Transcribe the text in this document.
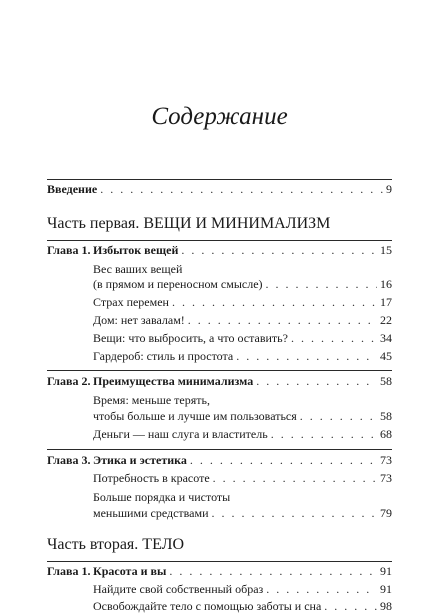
Содержание
Введение . . .	9
Часть первая. ВЕЩИ И МИНИМАЛИЗМ
Глава 1. Избыток вещей . . .	15
Вес ваших вещей
(в прямом и переносном смысле) . . .	16
Страх перемен . . .	17
Дом: нет завалам! . . .	22
Вещи: что выбросить, а что оставить? . . .	34
Гардероб: стиль и простота . . .	45
Глава 2. Преимущества минимализма . . .	58
Время: меньше терять,
чтобы больше и лучше им пользоваться . . .	58
Деньги — наш слуга и властитель . . .	68
Глава 3. Этика и эстетика . . .	73
Потребность в красоте . . .	73
Больше порядка и чистоты
меньшими средствами . . .	79
Часть вторая. ТЕЛО
Глава 1. Красота и вы . . .	91
Найдите свой собственный образ . . .	91
Освобождайте тело с помощью заботы и сна . . .	98
